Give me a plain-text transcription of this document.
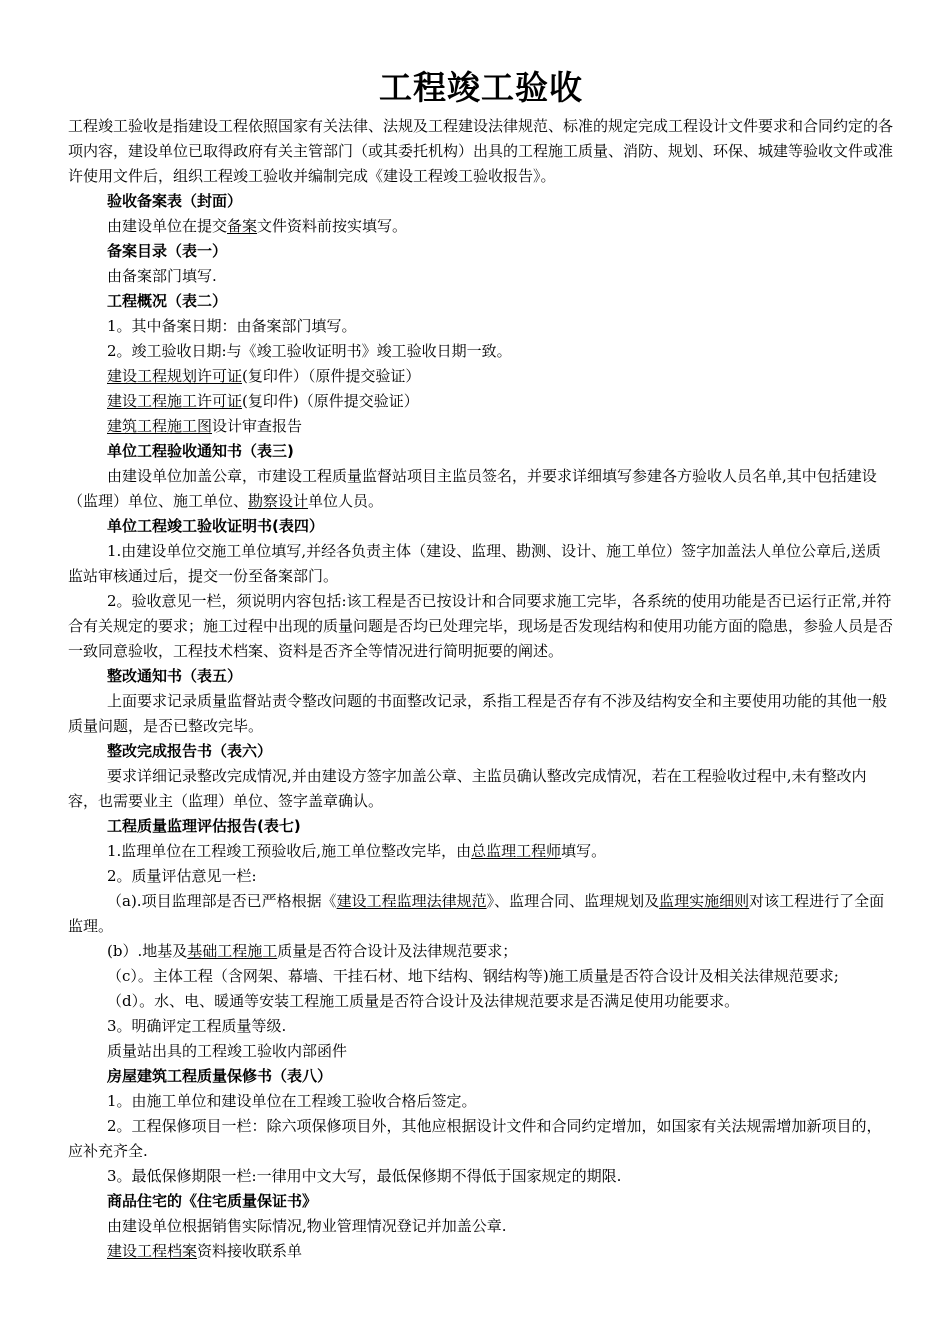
工程竣工验收

工程竣工验收是指建设工程依照国家有关法律、法规及工程建设法律规范、标准的规定完成工程设计文件要求和合同约定的各项内容，建设单位已取得政府有关主管部门（或其委托机构）出具的工程施工质量、消防、规划、环保、城建等验收文件或准许使用文件后，组织工程竣工验收并编制完成《建设工程竣工验收报告》。

验收备案表（封面）

由建设单位在提交备案文件资料前按实填写。

备案目录（表一）

由备案部门填写.

工程概况（表二）

1。其中备案日期：由备案部门填写。

2。竣工验收日期:与《竣工验收证明书》竣工验收日期一致。

建设工程规划许可证(复印件）（原件提交验证）

建设工程施工许可证(复印件)（原件提交验证）

建筑工程施工图设计审查报告

单位工程验收通知书（表三)

由建设单位加盖公章，市建设工程质量监督站项目主监员签名，并要求详细填写参建各方验收人员名单,其中包括建设（监理）单位、施工单位、勘察设计单位人员。

单位工程竣工验收证明书(表四）

1.由建设单位交施工单位填写,并经各负责主体（建设、监理、勘测、设计、施工单位）签字加盖法人单位公章后,送质监站审核通过后，提交一份至备案部门。

2。验收意见一栏，须说明内容包括:该工程是否已按设计和合同要求施工完毕，各系统的使用功能是否已运行正常,并符合有关规定的要求；施工过程中出现的质量问题是否均已处理完毕，现场是否发现结构和使用功能方面的隐患，参验人员是否一致同意验收，工程技术档案、资料是否齐全等情况进行简明扼要的阐述。

整改通知书（表五）

上面要求记录质量监督站责令整改问题的书面整改记录，系指工程是否存有不涉及结构安全和主要使用功能的其他一般质量问题，是否已整改完毕。

整改完成报告书（表六）

要求详细记录整改完成情况,并由建设方签字加盖公章、主监员确认整改完成情况，若在工程验收过程中,未有整改内容，也需要业主（监理）单位、签字盖章确认。

工程质量监理评估报告(表七)

1.监理单位在工程竣工预验收后,施工单位整改完毕，由总监理工程师填写。

2。质量评估意见一栏:

（a).项目监理部是否已严格根据《建设工程监理法律规范》、监理合同、监理规划及监理实施细则对该工程进行了全面监理。

(b）.地基及基础工程施工质量是否符合设计及法律规范要求；

（c）。主体工程（含网架、幕墙、干挂石材、地下结构、钢结构等)施工质量是否符合设计及相关法律规范要求;

（d）。水、电、暖通等安装工程施工质量是否符合设计及法律规范要求是否满足使用功能要求。

3。明确评定工程质量等级.

质量站出具的工程竣工验收内部函件

房屋建筑工程质量保修书（表八）

1。由施工单位和建设单位在工程竣工验收合格后签定。

2。工程保修项目一栏：除六项保修项目外，其他应根据设计文件和合同约定增加，如国家有关法规需增加新项目的，应补充齐全.

3。最低保修期限一栏:一律用中文大写，最低保修期不得低于国家规定的期限.

商品住宅的《住宅质量保证书》

由建设单位根据销售实际情况,物业管理情况登记并加盖公章.

建设工程档案资料接收联系单
